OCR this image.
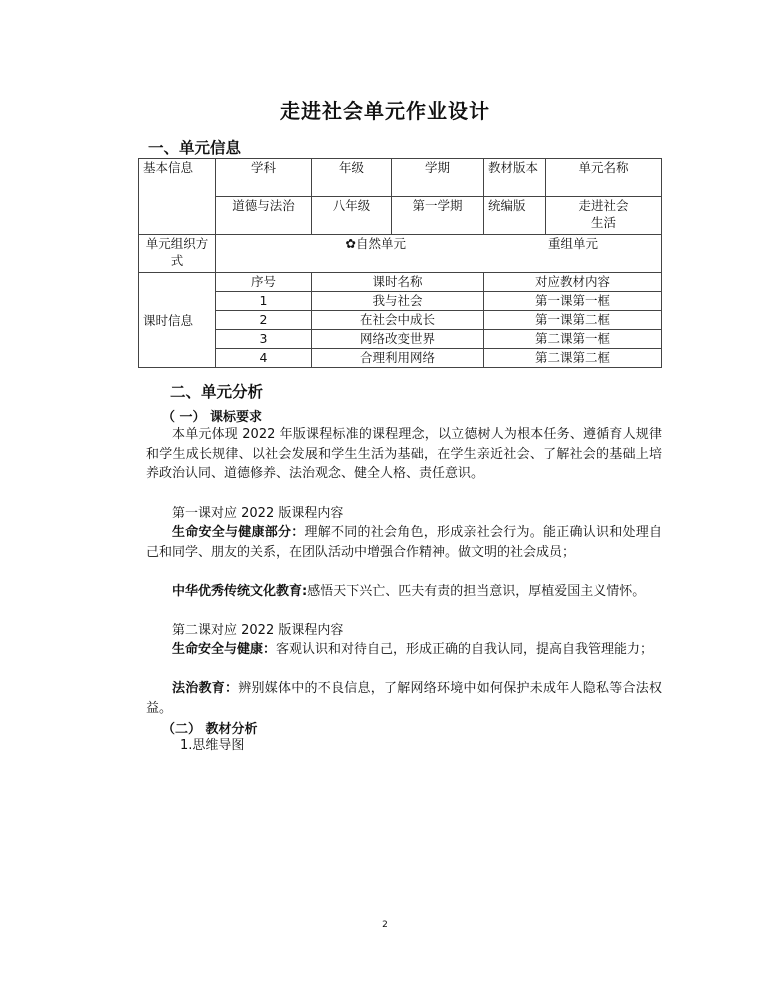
走进社会单元作业设计
一、单元信息
基本信息	学科	年级	学期	教材版本	单元名称
	道德与法治	八年级	第一学期	统编版	走进社会生活
单元组织方式	✿自然单元 重组单元				
课时信息	序号	课时名称		对应教材内容	
	1	我与社会		第一课第一框	
	2	在社会中成长		第一课第二框	
	3	网络改变世界		第二课第一框	
	4	合理利用网络		第二课第二框	
二、单元分析
（ 一） 课标要求
本单元体现 2022 年版课程标准的课程理念，以立德树人为根本任务、遵循育人规律和学生成长规律、以社会发展和学生生活为基础，在学生亲近社会、了解社会的基础上培养政治认同、道德修养、法治观念、健全人格、责任意识。
第一课对应 2022 版课程内容
生命安全与健康部分：理解不同的社会角色，形成亲社会行为。能正确认识和处理自己和同学、朋友的关系，在团队活动中增强合作精神。做文明的社会成员；
中华优秀传统文化教育:感悟天下兴亡、匹夫有责的担当意识，厚植爱国主义情怀。
第二课对应 2022 版课程内容
生命安全与健康：客观认识和对待自己，形成正确的自我认同，提高自我管理能力；
法治教育：辨别媒体中的不良信息，了解网络环境中如何保护未成年人隐私等合法权益。
（二） 教材分析
1.思维导图
2
